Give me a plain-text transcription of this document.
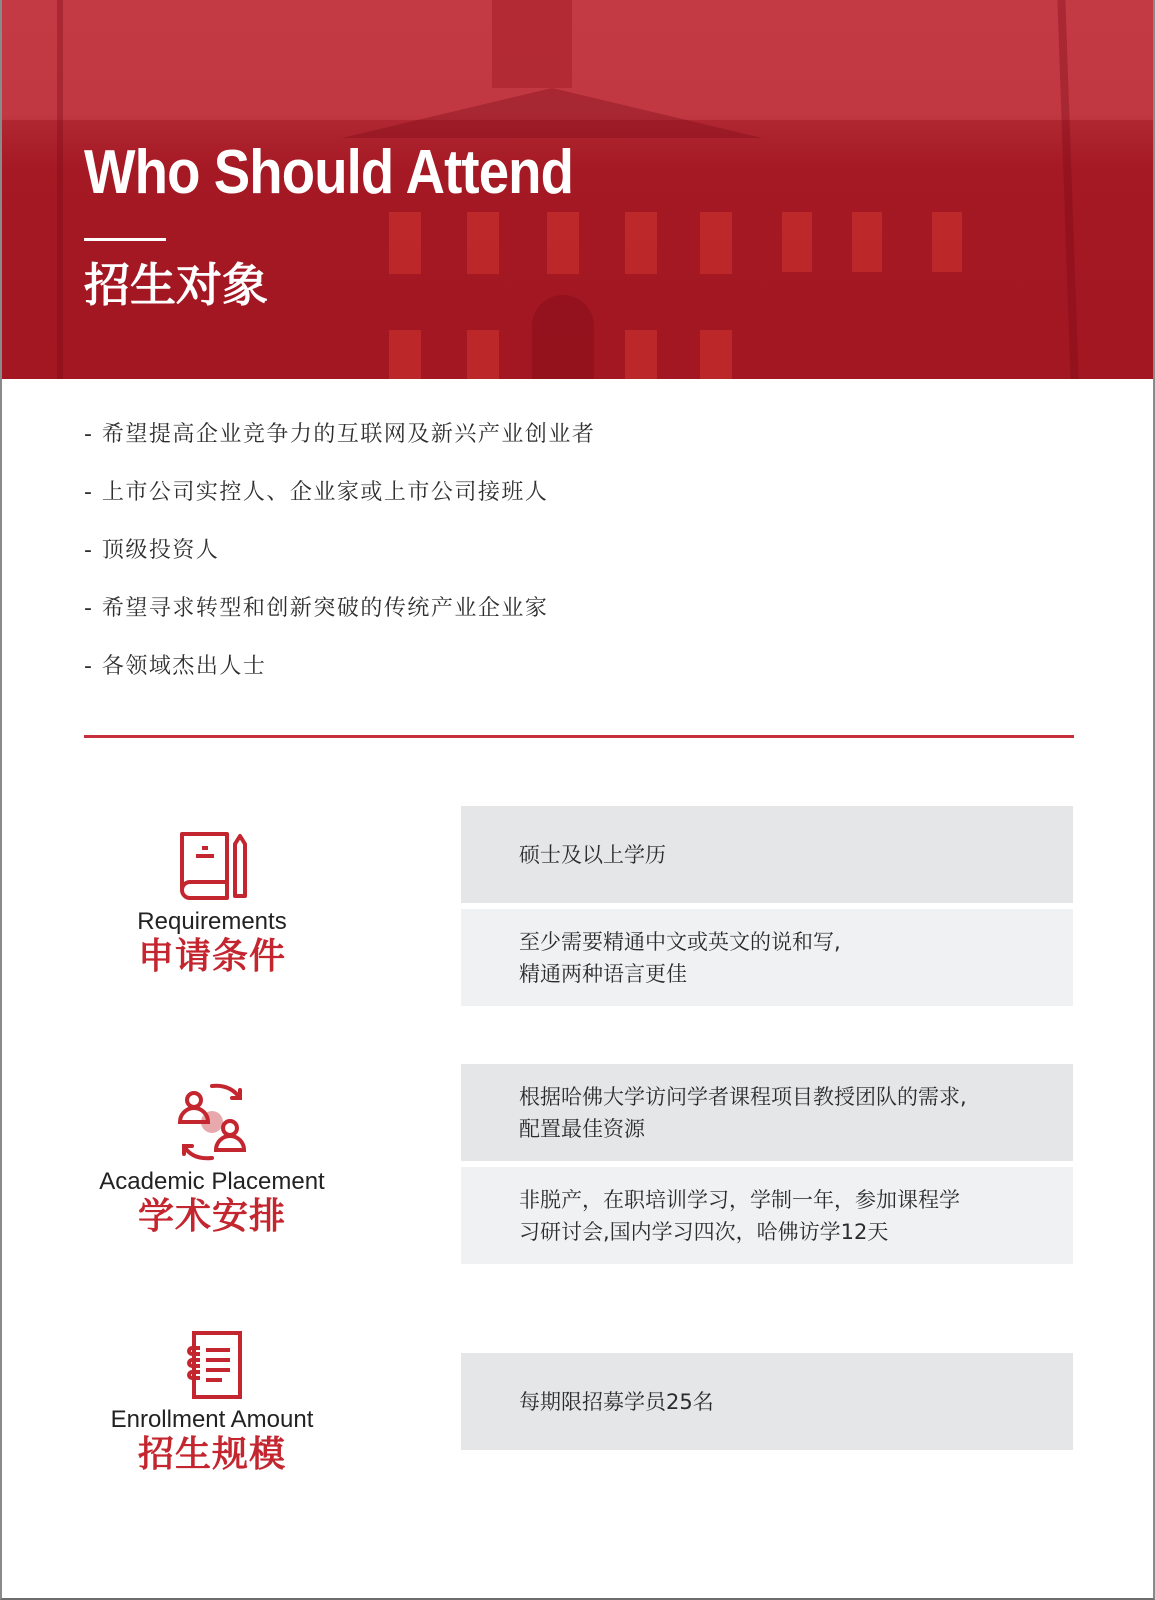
Who Should Attend
招生对象
- 希望提高企业竞争力的互联网及新兴产业创业者
- 上市公司实控人、企业家或上市公司接班人
- 顶级投资人
- 希望寻求转型和创新突破的传统产业企业家
- 各领域杰出人士
Requirements
申请条件
硕士及以上学历
至少需要精通中文或英文的说和写,
精通两种语言更佳
Academic Placement
学术安排
根据哈佛大学访问学者课程项目教授团队的需求,
配置最佳资源
非脱产，在职培训学习，学制一年，参加课程学
习研讨会,国内学习四次，哈佛访学12天
Enrollment Amount
招生规模
每期限招募学员25名
